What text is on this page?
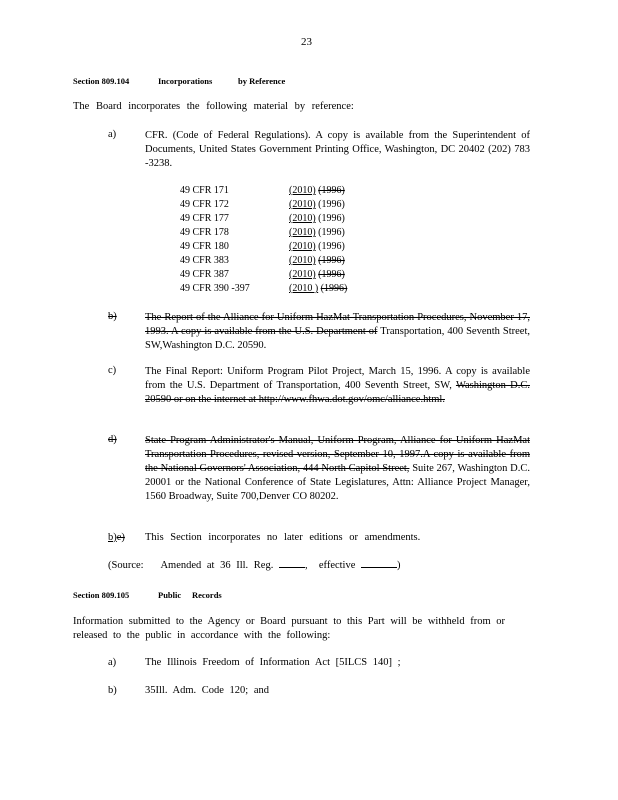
23
Section 809.104	Incorporations	by Reference
The Board incorporates the following material by reference:
a)	CFR. (Code of Federal Regulations). A copy is available from the Superintendent of Documents, United States Government Printing Office, Washington, DC 20402 (202) 783 -3238.
49 CFR 171	(2010) (1996)
49 CFR 172	(2010) (1996)
49 CFR 177	(2010) (1996)
49 CFR 178	(2010) (1996)
49 CFR 180	(2010) (1996)
49 CFR 383	(2010) (1996)
49 CFR 387	(2010) (1996)
49 CFR 390 -397	(2010 ) (1996)
b)	The Report of the Alliance for Uniform HazMat Transportation Procedures, November 17, 1993. A copy is available from the U.S. Department of Transportation, 400 Seventh Street, SW,Washington D.C. 20590.
c)	The Final Report: Uniform Program Pilot Project, March 15, 1996. A copy is available from the U.S. Department of Transportation, 400 Seventh Street, SW, Washington D.C. 20590 or on the internet at http://www.fhwa.dot.gov/omc/alliance.html.
d)	State Program Administrator's Manual, Uniform Program, Alliance for Uniform HazMat Transportation Procedures, revised version, September 10, 1997.A copy is available from the National Governors' Association, 444 North Capitol Street, Suite 267, Washington D.C. 20001 or the National Conference of State Legislatures, Attn: Alliance Project Manager, 1560 Broadway, Suite 700,Denver CO 80202.
b)e) This Section incorporates no later editions or amendments.
(Source: Amended at 36 Ill. Reg.	,  effective	)
Section 809.105	Public Records
Information submitted to the Agency or Board pursuant to this Part will be withheld from or released to the public in accordance with the following:
a)	The Illinois Freedom of Information Act [5ILCS 140] ;
b)	35Ill. Adm. Code 120; and
